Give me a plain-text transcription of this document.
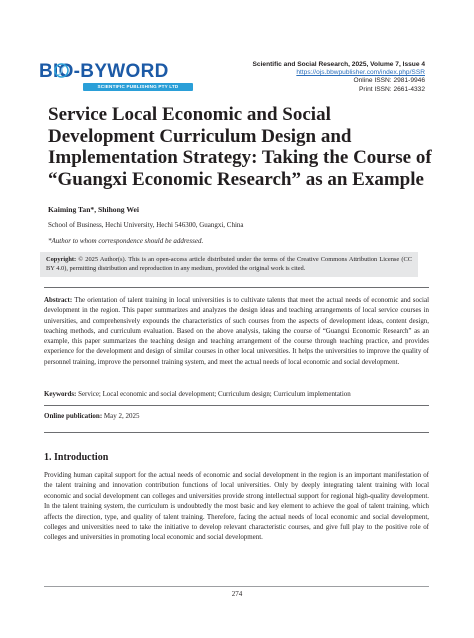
BIO-BYWORD
SCIENTIFIC PUBLISHING PTY LTD
Scientific and Social Research, 2025, Volume 7, Issue 4
https://ojs.bbwpublisher.com/index.php/SSR
Online ISSN: 2981-9946
Print ISSN: 2661-4332
Service Local Economic and Social Development Curriculum Design and Implementation Strategy: Taking the Course of “Guangxi Economic Research” as an Example
Kaiming Tan*, Shihong Wei
School of Business, Hechi University, Hechi 546300, Guangxi, China
*Author to whom correspondence should be addressed.
Copyright: © 2025 Author(s). This is an open-access article distributed under the terms of the Creative Commons Attribution License (CC BY 4.0), permitting distribution and reproduction in any medium, provided the original work is cited.

Abstract: The orientation of talent training in local universities is to cultivate talents that meet the actual needs of economic and social development in the region. This paper summarizes and analyzes the design ideas and teaching arrangements of local service courses in universities, and comprehensively expounds the characteristics of such courses from the aspects of development ideas, content design, teaching methods, and curriculum evaluation. Based on the above analysis, taking the course of “Guangxi Economic Research” as an example, this paper summarizes the teaching design and teaching arrangement of the course through teaching practice, and provides experience for the development and design of similar courses in other local universities. It helps the universities to improve the quality of personnel training, improve the personnel training system, and meet the actual needs of local economic and social development.

Keywords: Service; Local economic and social development; Curriculum design; Curriculum implementation
Online publication: May 2, 2025
1. Introduction

Providing human capital support for the actual needs of economic and social development in the region is an important manifestation of the talent training and innovation contribution functions of local universities. Only by deeply integrating talent training with local economic and social development can colleges and universities provide strong intellectual support for regional high-quality development. In the talent training system, the curriculum is undoubtedly the most basic and key element to achieve the goal of talent training, which affects the direction, type, and quality of talent training. Therefore, facing the actual needs of local economic and social development, colleges and universities need to take the initiative to develop relevant characteristic courses, and give full play to the positive role of colleges and universities in promoting local economic and social development.

274
